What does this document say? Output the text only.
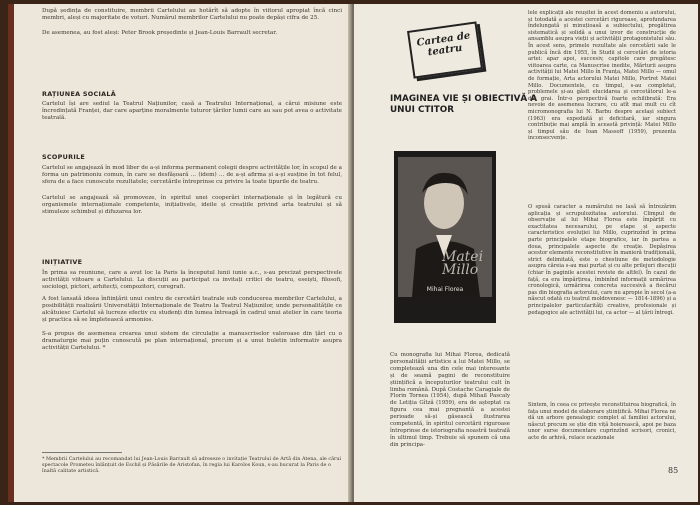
După ședința de constituire, membrii Cartelului au hotărît să adopte în viitorul apropiat încă cinci membri, aleși cu majoritate de voturi. Numărul membrilor Cartelului nu poate depăși cifra de 25.
De asemenea, au fost aleși: Peter Brook președinte și Jean-Louis Barrault secretar.
RAȚIUNEA SOCIALĂ
Cartelul își are sediul la Teatrul Națiunilor, casă a Teatrului Internațional, a cărui misiune este încredințată Franței, dar care aparține moralmente tuturor țărilor lumii care au sau pot avea o activitate teatrală.
SCOPURILE
Cartelul se angajează în mod liber de a-și informa permanent colegii despre activitățile lor, în scopul de a forma un patrimoniu comun, în care se desfășoară ... (idem) ... de a-și afirma și a-și susține în tot felul, sfera de a face cunoscute rezultatele; cercetările întreprinse cu privire la toate tipurile de teatru.
Cartelul se angajează să promoveze, în spiritul unei cooperări internaționale și în legătură cu organismele internaționale competente, inițiativele, ideile și creațiile privind arta teatrului și să stimuleze schimbul și difuzarea lor.
INIȚIATIVE
În prima sa reuniune, care a avut loc la Paris la începutul lunii iunie a.c., s-au precizat perspectivele activității viitoare a Cartelului. La discuții au participat ca invitați critici de teatru, eseiști, filosofi, sociologi, pictori, arhitecți, compozitori, coregrafi.
A fost lansată ideea înființării unui centru de cercetări teatrale sub conducerea membrilor Cartelului, a posibilității realizării Universității Internaționale de Teatru la Teatrul Națiunilor, unde personalitățile ce alcătuiesc Cartelul să lucreze efectiv cu studenți din lumea întreagă în cadrul unui atelier în care teoria și practica să se împletească armonios.
S-a propus de asemenea crearea unui sistem de circulație a manuscriselor valoroase din țări cu o dramaturgie mai puțin cunoscută pe plan internațional, precum și a unui buletin informativ asupra activității Cartelului. *
* Membrii Cartelului au recomandat lui Jean-Louis Barrault să adreseze o invitație Teatrului de Artă din Atena, ale cărui spectacole Prometeu înlănțuit de Eschil și Păsările de Aristofan, în regia lui Karolos Koun, s-au bucurat la Paris de o înaltă calitate artistică.
Cartea de teatru
IMAGINEA VIE ȘI OBIECTIVĂ A UNUI CTITOR
Matei Millo
Mihai Florea
Cu monografia lui Mihai Florea, dedicată personalității artistice a lui Matei Millo, se completează una din cele mai interesante și de seamă pagini de reconstituire științifică a începuturilor teatrului cult în limba română. După Costache Caragiale de Florin Tornea (1954), după Mihail Pascaly de Letiția Gîtză (1959), era de așteptat ca figura cea mai pregnantă a acestei perioade să-și găsească ilustrarea competentă, în spiritul cercetării riguroase întreprinse de istoriografia noastră teatrală în ultimul timp. Trebuie să spunem că una din principa-
lele explicații ale reușitei în acest domeniu a autorului, și totodată a acestei cercetări riguroase, aprofundarea îndelungată și minuțioasă a subiectului, pregătirea sistematică și solidă a unui izvor de construcție de ansamblu asupra vieții și activității protagonistului său. În acest sens, primele rezultate ale cercetării sale le publică încă din 1955, în Studii și cercetări de istoria artei: apar apoi, succesiv, capitole care pregătesc viitoarea carte, ca Manuscrise inedite, Mărturii asupra activității lui Matei Millo în Franța, Matei Millo — omul de formație, Arta actorului Matei Millo, Portret Matei Millo. Documentele, cu timpul, s-au completat, problemele și-au găsit elucidarea și cercetătorul le-a dat grai. Într-o perspectivă foarte echilibrată: Era nevoie de asemenea lucrare, cu atît mai mult cu cît micromonografia lui N. Barbu despre același subiect (1963) era expediată și deficitară, iar singura contribuție mai amplă în această privință: Matei Millo și timpul său de Ioan Massoff (1959), prezenta inconsecvențe.
O spusă caracter a numărului ne lasă să întrezărim aplicația și scrupulozitatea autorului. Climpul de observație al lui Mihai Florea este împărțit cu exactitatea necesarului, pe etape și aspecte caracteristice evoluției lui Millo, cuprinzînd în prima parte principalele etape biografice, iar în partea a doua, principalele aspecte de creație. Depășirea acestor elemente reconstitutive în manieră tradițională, strict delimitată, este o chestiune de metodologie asupra căreia s-au mai purtat și cu alte prilejuri discuții (chiar în paginile acestei reviste de altfel). În cazul de față, ca era împărțirea, îmbinînd informații urmărirea cronologică, urmărirea concreta succesivă a fiecărui pas din biografia actorului, care nu apropie în secol (a-a născut odată cu teatrul moldovenesc — 1814-1896) și a principalelor particularități creative, profesionale și pedagogice ale activității lui, ca actor — al țării întregi.
Sintem, în ceea ce privește reconstituirea biografică, în fața unui model de elaborare științifică. Mihai Florea ne dă un arbore genealogic complet al familiei actorului, născut precum se știe din viță boierească, apoi pe baza unor surse documentare cuprinzînd scrisori, cronici, acte de arhivă, relace ocazionale
85
